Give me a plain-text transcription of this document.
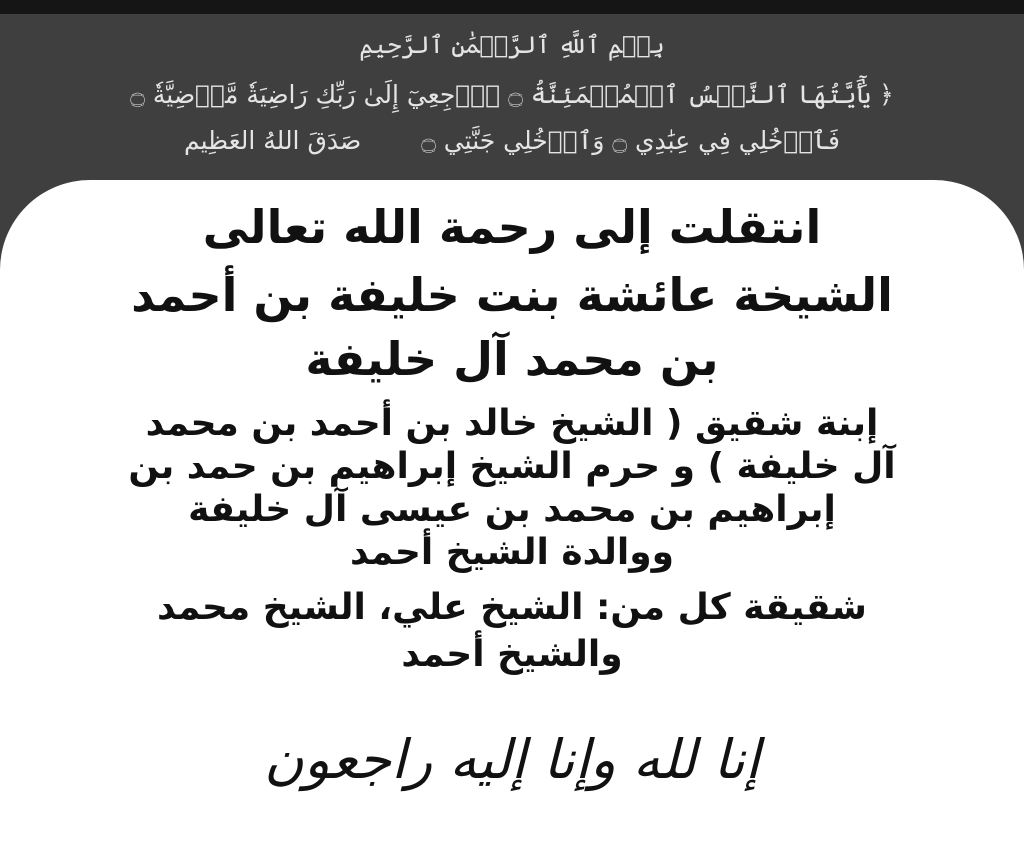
بِسۡمِ ٱللَّهِ ٱلرَّحۡمَٰنِ ٱلرَّحِيمِ
﴿ يَٰٓأَيَّتُهَا ٱلنَّفۡسُ ٱلۡمُطۡمَئِنَّةُ ۝ ٱرۡجِعِيٓ إِلَىٰ رَبِّكِ رَاضِيَةٗ مَّرۡضِيَّةٗ ۝
فَٱدۡخُلِي فِي عِبَٰدِي ۝ وَٱدۡخُلِي جَنَّتِي ۝صَدَقَ اللهُ العَظِيم
انتقلت إلى رحمة الله تعالى
الشيخة عائشة بنت خليفة بن أحمد
بن محمد آل خليفة
إبنة شقيق ( الشيخ خالد بن أحمد بن محمد
آل خليفة ) و حرم الشيخ إبراهيم بن حمد بن
إبراهيم بن محمد بن عيسى آل خليفة
ووالدة الشيخ أحمد
شقيقة كل من: الشيخ علي، الشيخ محمد
والشيخ أحمد
إنا لله وإنا إليه راجعون
